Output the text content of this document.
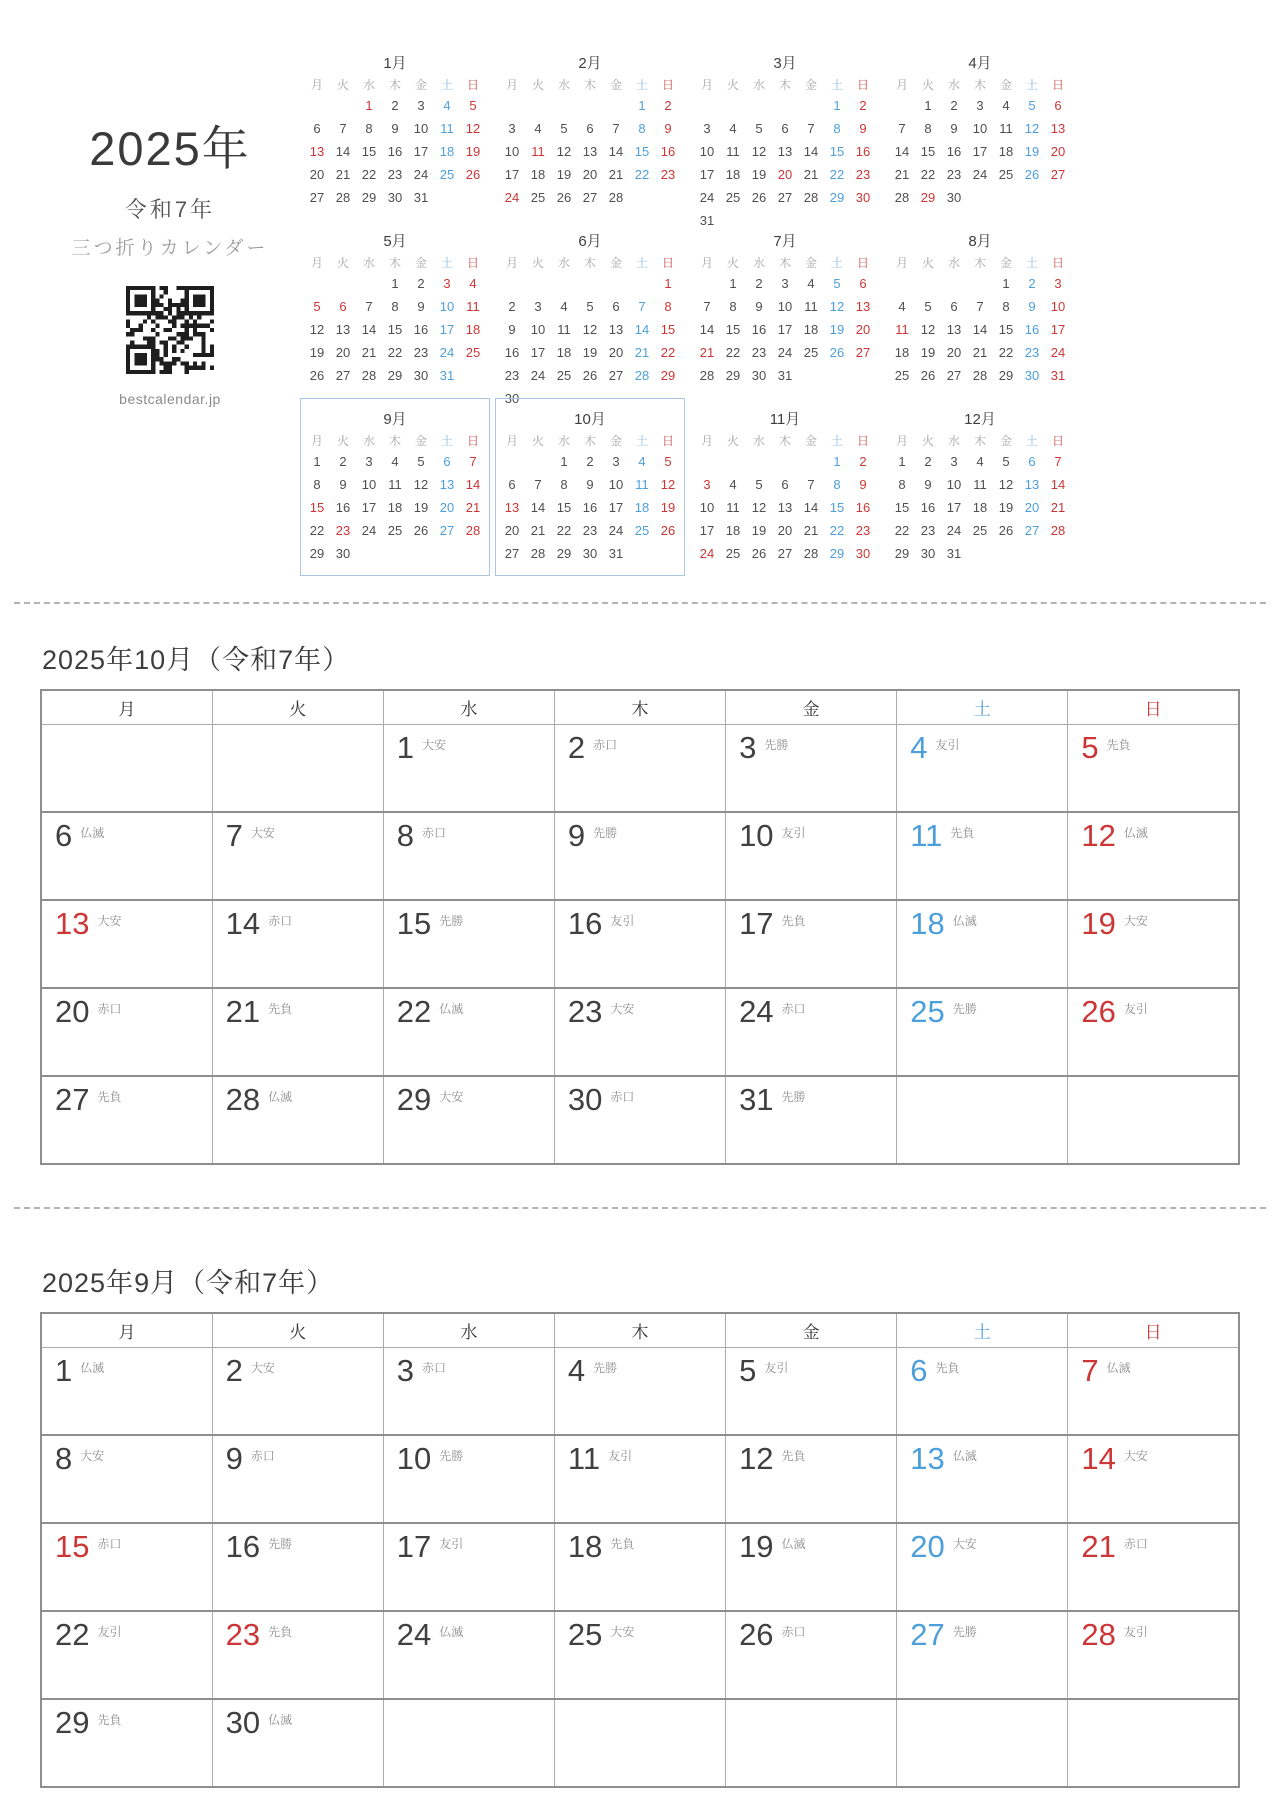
2025年
令和7年
三つ折りカレンダー
bestcalendar.jp
1月
月	火	水	木	金	土	日
		1	2	3	4	5
6	7	8	9	10	11	12
13	14	15	16	17	18	19
20	21	22	23	24	25	26
27	28	29	30	31		
2月
月	火	水	木	金	土	日
					1	2
3	4	5	6	7	8	9
10	11	12	13	14	15	16
17	18	19	20	21	22	23
24	25	26	27	28		
3月
月	火	水	木	金	土	日
					1	2
3	4	5	6	7	8	9
10	11	12	13	14	15	16
17	18	19	20	21	22	23
24	25	26	27	28	29	30
31						
4月
月	火	水	木	金	土	日
	1	2	3	4	5	6
7	8	9	10	11	12	13
14	15	16	17	18	19	20
21	22	23	24	25	26	27
28	29	30				
5月
月	火	水	木	金	土	日
			1	2	3	4
5	6	7	8	9	10	11
12	13	14	15	16	17	18
19	20	21	22	23	24	25
26	27	28	29	30	31	
6月
月	火	水	木	金	土	日
						1
2	3	4	5	6	7	8
9	10	11	12	13	14	15
16	17	18	19	20	21	22
23	24	25	26	27	28	29
30						
7月
月	火	水	木	金	土	日
	1	2	3	4	5	6
7	8	9	10	11	12	13
14	15	16	17	18	19	20
21	22	23	24	25	26	27
28	29	30	31			
8月
月	火	水	木	金	土	日
				1	2	3
4	5	6	7	8	9	10
11	12	13	14	15	16	17
18	19	20	21	22	23	24
25	26	27	28	29	30	31
9月
月	火	水	木	金	土	日
1	2	3	4	5	6	7
8	9	10	11	12	13	14
15	16	17	18	19	20	21
22	23	24	25	26	27	28
29	30					
10月
月	火	水	木	金	土	日
		1	2	3	4	5
6	7	8	9	10	11	12
13	14	15	16	17	18	19
20	21	22	23	24	25	26
27	28	29	30	31		
11月
月	火	水	木	金	土	日
					1	2
3	4	5	6	7	8	9
10	11	12	13	14	15	16
17	18	19	20	21	22	23
24	25	26	27	28	29	30
12月
月	火	水	木	金	土	日
1	2	3	4	5	6	7
8	9	10	11	12	13	14
15	16	17	18	19	20	21
22	23	24	25	26	27	28
29	30	31				
2025年10月（令和7年）
月	火	水	木	金	土	日

		1 大安	2 赤口	3 先勝	4 友引	5 先負

6 仏滅	7 大安	8 赤口	9 先勝	10 友引	11 先負	12 仏滅

13 大安	14 赤口	15 先勝	16 友引	17 先負	18 仏滅	19 大安

20 赤口	21 先負	22 仏滅	23 大安	24 赤口	25 先勝	26 友引

27 先負	28 仏滅	29 大安	30 赤口	31 先勝		

2025年9月（令和7年）
月	火	水	木	金	土	日

1 仏滅	2 大安	3 赤口	4 先勝	5 友引	6 先負	7 仏滅

8 大安	9 赤口	10 先勝	11 友引	12 先負	13 仏滅	14 大安

15 赤口	16 先勝	17 友引	18 先負	19 仏滅	20 大安	21 赤口

22 友引	23 先負	24 仏滅	25 大安	26 赤口	27 先勝	28 友引

29 先負	30 仏滅					
